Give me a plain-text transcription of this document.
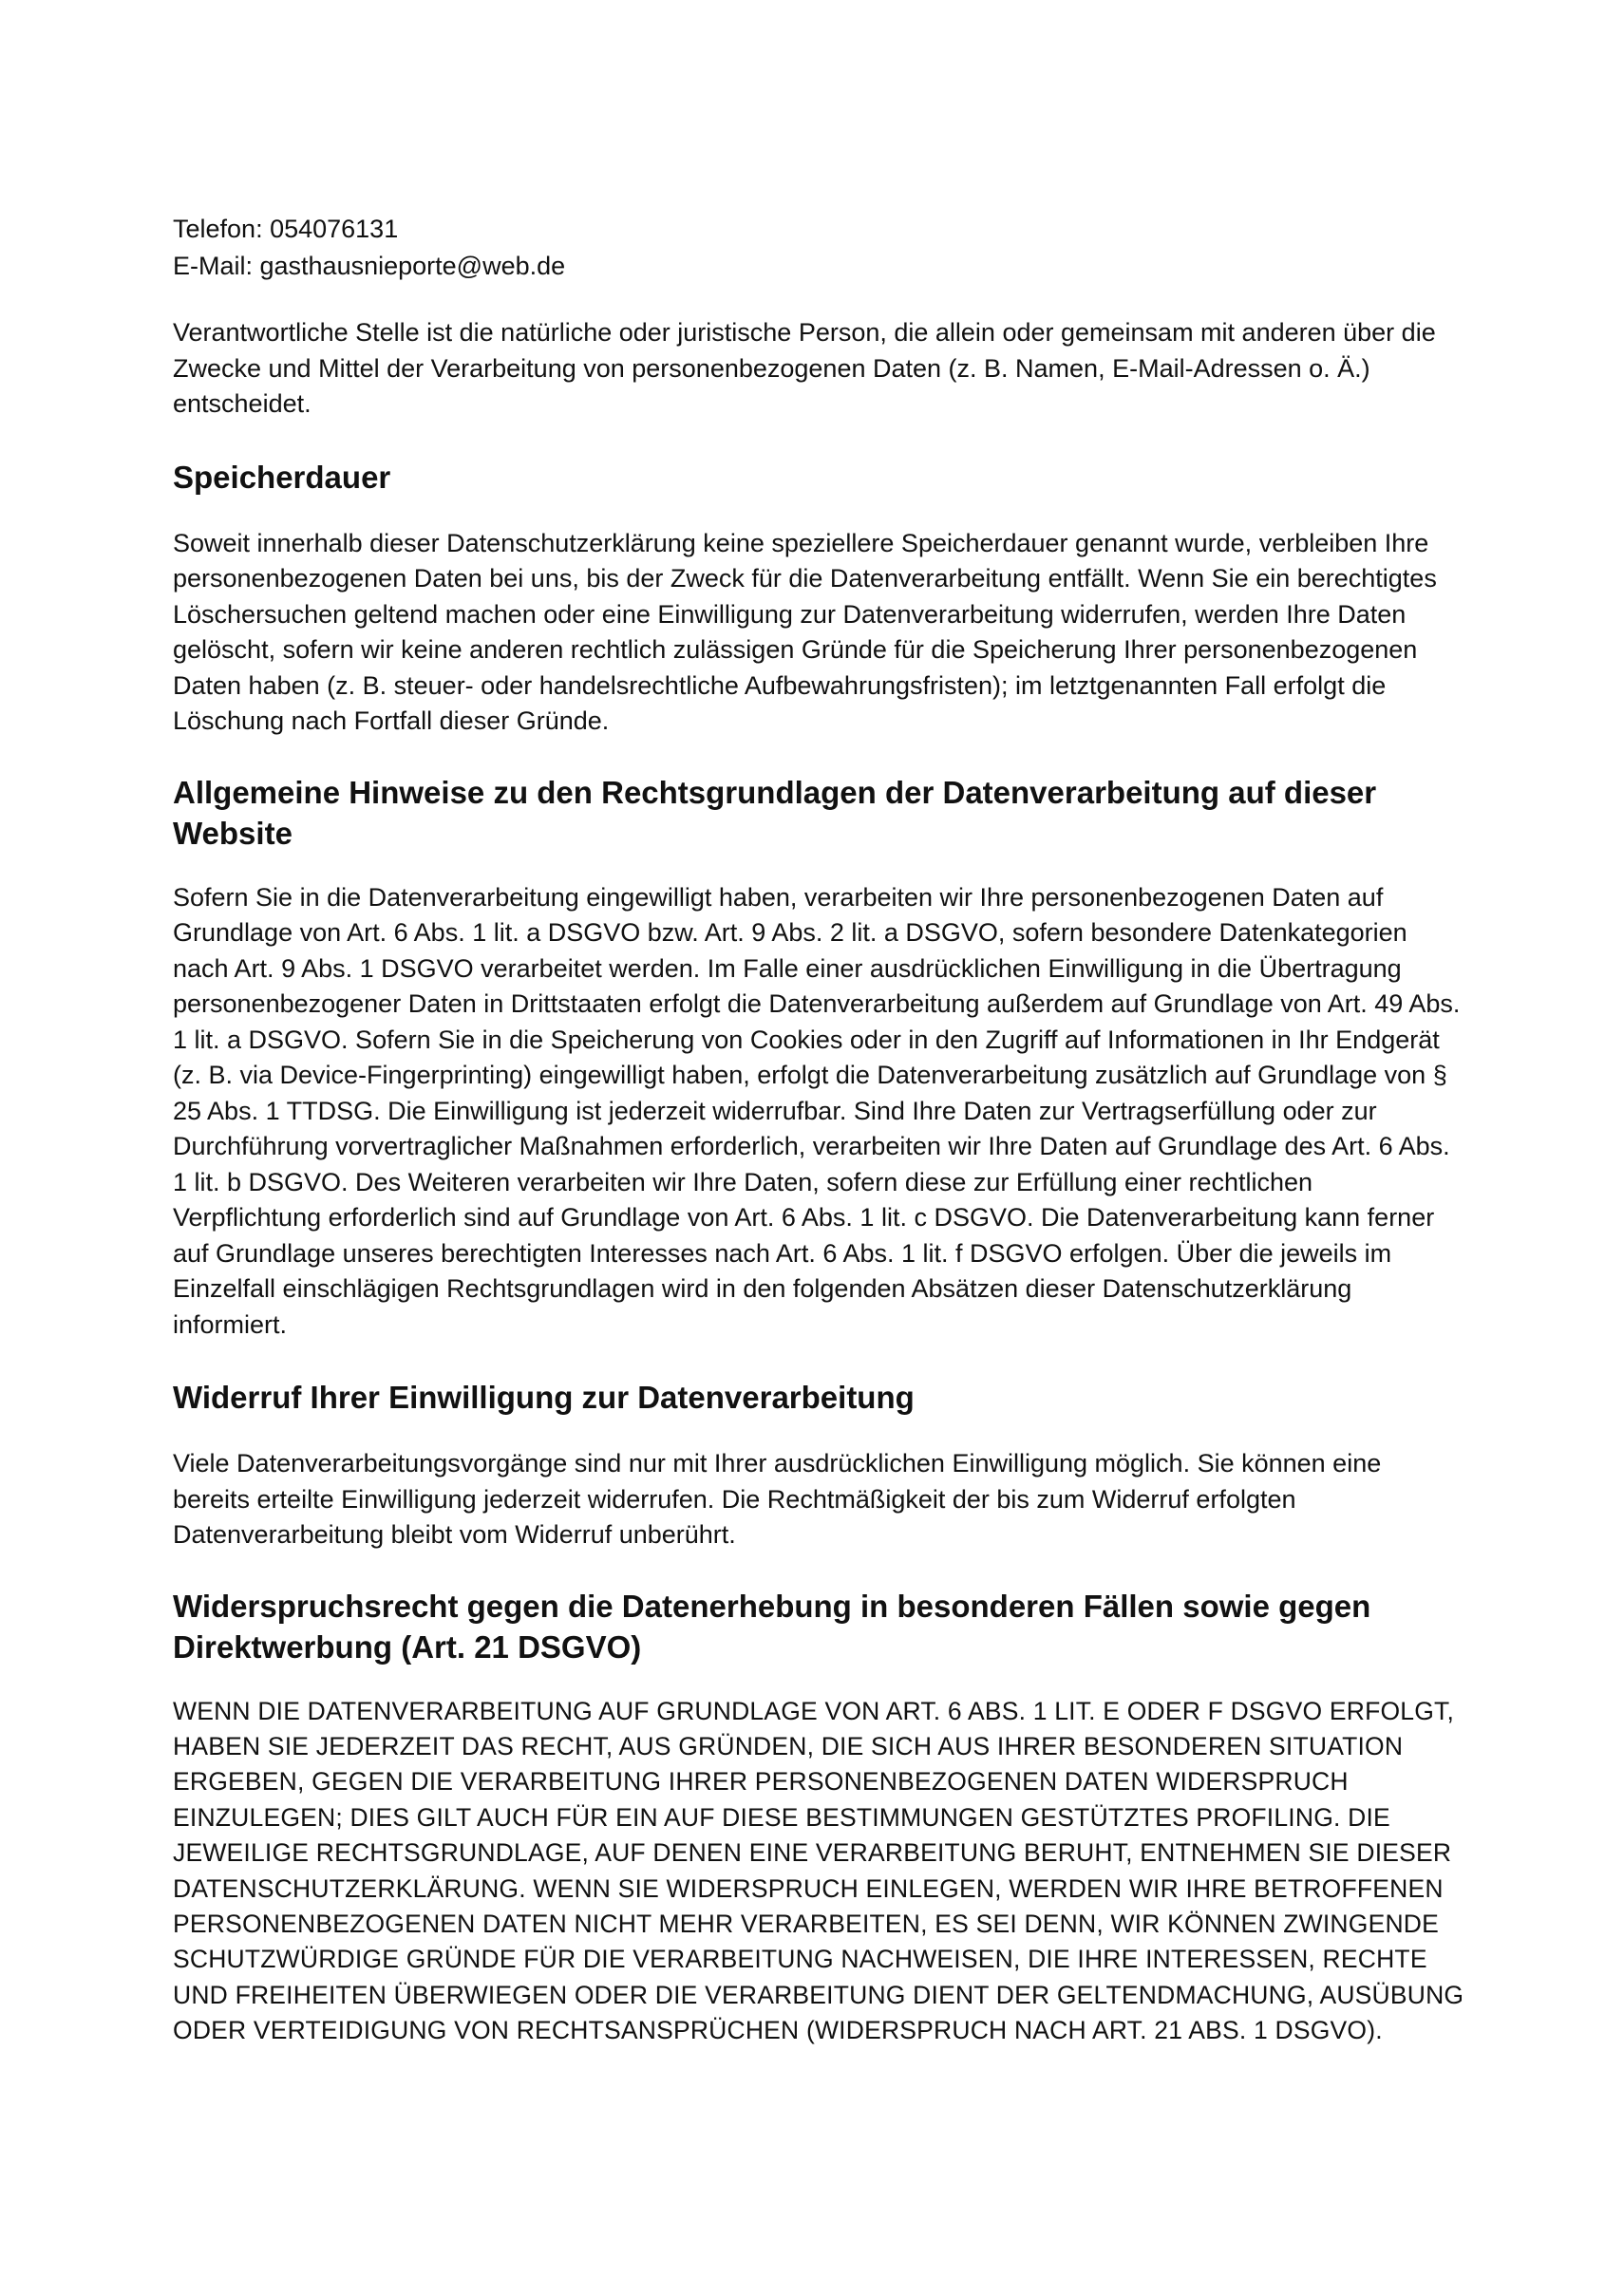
Telefon: 054076131

E-Mail: gasthausnieporte@web.de

Verantwortliche Stelle ist die natürliche oder juristische Person, die allein oder gemeinsam mit anderen über die Zwecke und Mittel der Verarbeitung von personenbezogenen Daten (z. B. Namen, E-Mail-Adressen o. Ä.) entscheidet.

Speicherdauer

Soweit innerhalb dieser Datenschutzerklärung keine speziellere Speicherdauer genannt wurde, verbleiben Ihre personenbezogenen Daten bei uns, bis der Zweck für die Datenverarbeitung entfällt. Wenn Sie ein berechtigtes Löschersuchen geltend machen oder eine Einwilligung zur Datenverarbeitung widerrufen, werden Ihre Daten gelöscht, sofern wir keine anderen rechtlich zulässigen Gründe für die Speicherung Ihrer personenbezogenen Daten haben (z. B. steuer- oder handelsrechtliche Aufbewahrungsfristen); im letztgenannten Fall erfolgt die Löschung nach Fortfall dieser Gründe.

Allgemeine Hinweise zu den Rechtsgrundlagen der Datenverarbeitung auf dieser Website

Sofern Sie in die Datenverarbeitung eingewilligt haben, verarbeiten wir Ihre personenbezogenen Daten auf Grundlage von Art. 6 Abs. 1 lit. a DSGVO bzw. Art. 9 Abs. 2 lit. a DSGVO, sofern besondere Datenkategorien nach Art. 9 Abs. 1 DSGVO verarbeitet werden. Im Falle einer ausdrücklichen Einwilligung in die Übertragung personenbezogener Daten in Drittstaaten erfolgt die Datenverarbeitung außerdem auf Grundlage von Art. 49 Abs. 1 lit. a DSGVO. Sofern Sie in die Speicherung von Cookies oder in den Zugriff auf Informationen in Ihr Endgerät (z. B. via Device-Fingerprinting) eingewilligt haben, erfolgt die Datenverarbeitung zusätzlich auf Grundlage von § 25 Abs. 1 TTDSG. Die Einwilligung ist jederzeit widerrufbar. Sind Ihre Daten zur Vertragserfüllung oder zur Durchführung vorvertraglicher Maßnahmen erforderlich, verarbeiten wir Ihre Daten auf Grundlage des Art. 6 Abs. 1 lit. b DSGVO. Des Weiteren verarbeiten wir Ihre Daten, sofern diese zur Erfüllung einer rechtlichen Verpflichtung erforderlich sind auf Grundlage von Art. 6 Abs. 1 lit. c DSGVO. Die Datenverarbeitung kann ferner auf Grundlage unseres berechtigten Interesses nach Art. 6 Abs. 1 lit. f DSGVO erfolgen. Über die jeweils im Einzelfall einschlägigen Rechtsgrundlagen wird in den folgenden Absätzen dieser Datenschutzerklärung informiert.

Widerruf Ihrer Einwilligung zur Datenverarbeitung

Viele Datenverarbeitungsvorgänge sind nur mit Ihrer ausdrücklichen Einwilligung möglich. Sie können eine bereits erteilte Einwilligung jederzeit widerrufen. Die Rechtmäßigkeit der bis zum Widerruf erfolgten Datenverarbeitung bleibt vom Widerruf unberührt.

Widerspruchsrecht gegen die Datenerhebung in besonderen Fällen sowie gegen Direktwerbung (Art. 21 DSGVO)

WENN DIE DATENVERARBEITUNG AUF GRUNDLAGE VON ART. 6 ABS. 1 LIT. E ODER F DSGVO ERFOLGT, HABEN SIE JEDERZEIT DAS RECHT, AUS GRÜNDEN, DIE SICH AUS IHRER BESONDEREN SITUATION ERGEBEN, GEGEN DIE VERARBEITUNG IHRER PERSONENBEZOGENEN DATEN WIDERSPRUCH EINZULEGEN; DIES GILT AUCH FÜR EIN AUF DIESE BESTIMMUNGEN GESTÜTZTES PROFILING. DIE JEWEILIGE RECHTSGRUNDLAGE, AUF DENEN EINE VERARBEITUNG BERUHT, ENTNEHMEN SIE DIESER DATENSCHUTZERKLÄRUNG. WENN SIE WIDERSPRUCH EINLEGEN, WERDEN WIR IHRE BETROFFENEN PERSONENBEZOGENEN DATEN NICHT MEHR VERARBEITEN, ES SEI DENN, WIR KÖNNEN ZWINGENDE SCHUTZWÜRDIGE GRÜNDE FÜR DIE VERARBEITUNG NACHWEISEN, DIE IHRE INTERESSEN, RECHTE UND FREIHEITEN ÜBERWIEGEN ODER DIE VERARBEITUNG DIENT DER GELTENDMACHUNG, AUSÜBUNG ODER VERTEIDIGUNG VON RECHTSANSPRÜCHEN (WIDERSPRUCH NACH ART. 21 ABS. 1 DSGVO).
